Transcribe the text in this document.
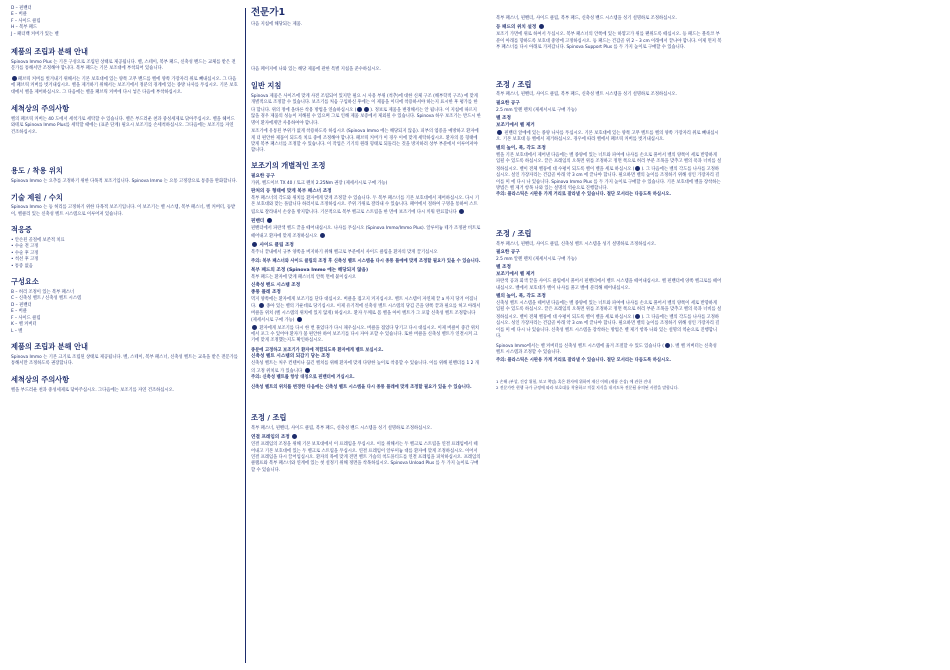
D – 핀밴더

E – 버클

F – 사이드 클립

H – 복부 패드

J – 패더백 커버가 있는 벨

제품의 조립과 분해 안내

Spinova Immo Plus 는 기본 구성으로 조립된 상태로 제공됩니다. 벨, 스테이, 복부 패드, 신축성 밴드는 교체를 받은 전문가를 통해서만 조정해야 합니다. 복부 패드는 기본 보조대에 부착되어 있습니다.

패브릭 커버를 벗겨내기 위해서는 기본 보호대에 있는 양쪽 고무 밴드를 벨에 양쪽 가장자리 위로 빼내십시오. 그 다음에 패브릭 커버를 벗겨내십시오. 벨을 제거하기 위해서는 보조기에서 정분의 경계에 있는 종방 나사를 푸십시오. 기본 보호대에서 벨을 제어하십시오. 그 다음에는 벨을 패브릭 커버에 다시 넣은 다음에 부착하십시오.

세척상의 주의사항

벨의 패브릭 커버는 40 도에서 세척가로 세탁할 수 있습니다. 벨은 부드러운 천과 중성세제로 닦아주십시오. 벨을 헤어드 와테로 Spinova Immo Plus를 세탁할 때에는 (표준 단계) 필요시 보조기를 손세척하십시오. 그다음에는 보조기를 자연 건조하십시오.

용도 / 착용 위치

Spinova Immo 는 요추를 고정하기 위한 다목적 보조기입니다. Spinova Immo 는 요통 고정장으로 통증을 완화합니다.

기술 제원 / 수치

Spinova Immo 는 등 허리를 고정하기 위한 다목적 보조기입니다. 이 보조기는 벨 시스템, 복부 패스너, 벨 커버터, 등받이, 벨클리 있는 신축성 벨트 시스템으로 이루어져 있습니다.

적응증
• 안손된 골절에 보존적 치료
• 수술 전 고정
• 수술 후 고정
• 척선 후 고정
• 통증 없음
구성요소

B – 허리 조정이 있는 복부 패스너

C – 신축성 벨트 / 신축성 벨트 시스템

D – 핀밴더

E – 버클

F – 사이드 클립

K – 벨 커버터

L – 벨

제품의 조립과 분해 안내

Spinova Immo 는 기본 크기로 조립된 상태로 제공됩니다. 벨, 스테이, 복부 패스너, 신축성 벨트는 교육을 받은 전문가를 통해서만 조정하도록 권장합니다.

세척상의 주의사항

벨을 부드러운 천과 중성세제로 닦아주십시오. 그다음에는 보조기를 자연 건조하십시오.

전문가1

다음 지침에 해당되는 제품.

다음 페이지에 나와 있는 해당 제품에 관한 특별 지침을 준수하십시오.

일반 지침

Spinova 제품은 사이즈에 맞게 사전 조립되어 있지만 필요 시 사용 부위 (척추)에 대한 신체 구조 (해부학적 구조) 에 맞게 개별적으로 조정할 수 있습니다. 보조기를 처음 구입하신 후에는 이 제품을 이디에 착용하셔야 하는지 표시한 후 평가를 한다 합니다. 위의 정에 올바른 착용 방법을 연습하십시오 (	). 정보로 제품을 변경해서는 안 됩니다. 이 지침에 따르지 않을 경우 제품의 성능이 저해될 수 있으며 그로 인해 제품 보증에서 제외될 수 있습니다. Spinova 하우 보조기는 반드시 한 명이 환자에게만 사용하여야 합니다.

보조기에 유통된 부위가 없게 착용하도록 하십시오 (Spinova Immo 에는 해당되지 않음). 피부의 염증을 예방하고 환자에게 더 편안한 제품이 되도록 치료 중에 조정해야 합니다. 패브릭 커버가 이 경우 이에 맞게 세탁하십시오. 환자의 몸 형태에 맞게 복부 패스너를 조정할 수 있습니다. 이 작업은 기기의 원래 형태로 되돌리는 것을 방지하려 상부 부분에서 이루어져야 합니다.

보조기의 개별적인 조정
필요한 공구

가위, 벨드이브 TX 40 / 토크 렌치 2.25Nm 권장 (제세서시로 구매 가능)

판처의 등 형태에 맞게 복부 패스너 조정

복부 패스너의 각도와 위치를 환자에게 맞게 조정할 수 있습니다. 두 복부 패스너를 기본 보호대에서 제어하십시오. 다시 기본 보호대와 맞는 플랍니다 하러서로 조정하십시오. 주위 가위로 잘라내 수 있습니다. 패어에서 절하여 구멍을 통하여 스트립으로 잘라내서 손상을 방지합니다. 기본적으로 복부 벨크로 스트립을 한 면에 보조기에 다시 끼워 완료합니다

핀밴더

핀밴더에서 파란색 벨드 끝을 떼어내십시오. 나사를 푸십시오 (Spinova Immo/Immo Plus). 알루미늄 테가 조정판 비트로 떼어내고 환자에 맞게 조정하십시오

사이드 클립 조정

복주니 끝내에서 규부 양쪽을 버지하기 위해 벨크로 부분에서 사이드 클립을 환자의 맞게 끌기십시오

주의: 복부 패스너와 사이드 클립의 조정 후 신축성 벨트 시스템을 다시 종통 플에에 맞게 조정할 필요가 있을 수 있습니다.

복부 패드의 조정 (Spinova Immo 에는 해당되지 않음)

복부 패드는 환자에 맞게 패스너의 안쪽 면에 붙이십시오

신축성 밴드 시스템 조정
종통 플레 조정

먹지 양쪽에는 환자에게 보조기를 단다 대십시오. 버클을 접고지 커지십시오. 벨트 시스템이 자연체 끝 a 까지 당겨 어집니다. 종아 있는 벨의 가운데로 당기십시오. 이제 유기적에 신축성 벨트 시스템의 당김 끈을 양쪽 끝과 필요를 허고 아래서 버클을 위치 (벨 시스템의 위치에 있지 않게) 하십시오. 환자 두께로 몸 벨을 아이 벨트가 그 포함 신축성 벨트 조정합니다 (제세서시로 구매 가능)

환자에게 보조기를 다시 한 번 풀었다가 다시 채우십시오. 버클을 접었다 당기고 다시 대십시오. 이제 버클이 중간 위치에서 포그 수 있어야 환자가 불 편안한 하여 보조기를 다시 자아 포할 수 있습니다. 또한 버클을 신축성 벨트가 연결시켜 크기에 맞게 조정했는지도 확인하십시오.

종분에 고정하고 보조기가 환자에 적합되도록 환자에게 벨트 보십시오.

신축성 벨트 시스템의 되감기 당는 조정

신축성 벨트는 처우 컨텐이나 끊긴 벨치를 위해 환자에 맞게 다양한 높이로 착용할 수 있습니다. 이를 위해 핀밴더를 1 2 개의 고정 위치로 가 있습니다

주의: 신축성 벨트를 항상 대칭으로 핀밴더에 거십시오.

신축성 벨트의 위치를 변경한 다음에는 신축성 벨트 시스템을 다시 종통 플레에 맞게 조정할 필요가 있을 수 있습니다.

조정 / 조립

복부 패스너, 핀밴더, 사이드 클립, 복부 패드, 신축성 밴드 시스템을 성기 설명하로 조정하십시오.

연결 프레임의 조정

연결 프레임의 조정을 위해 기본 보호대에서 이 프레임을 푸십시오. 이를 위해서는 두 벨크로 스트립을 연결 프레임에서 떼어내고 기본 보호대에 있는 두 벨크로 스트립을 푸십시오. 연결 프레임이 알루미늄 대를 환자에 맞게 조정하십시오. 이어서 연결 프레임을 다시 끌어입십시오. 환자의 목에 맞게 전면 벨트 가슴의 척도플티도를 연결 프레임을 피처하십시오. 프레임의 클램프와 복부 패스너와 연계에 있는 첫 설정기 위해 정면을 착목하십시오. Spinova Unload Plus 를 두 가지 높이로 구매할 수 있습니다.

복부 패스너, 핀밴더, 사이드 클립, 복부 패드, 신축성 밴드 시스템을 성기 설명하로 조정하십시오.

등 패드의 위치 설정

보조기 가면에 위로 하여서 두십시오. 복부 패스너의 안쪽에 있는 하얗고가 위를 팬위도록 떼십시오. 등 패드는 블록코 부분이 아래를 향하도록 보호대 중앙에 고정하십시오. 등 패드는 건갑골 위 2 – 3 cm 이래에서 끝나야 합니다. 이제 먼저 복부 패스너를 다시 아래로 가져갑니다. Spinova Support Plus 를 두 가지 높이로 구매할 수 있습니다.

조정 / 조립

복부 패스너, 핀밴더, 사이드 클립, 복부 패드, 신축성 벨트 시스템을 성기 설명하로 조정하십시오.

필요한 공구

2.5 mm 알렌 렌치 (제세서시로 구매 가능)

벨 조정
보조기에서 벨 제거

핀밴더 앞에에 있는 종양 나사를 푸십시오. 기본 보호대에 있는 양쪽 고무 벨트를 벨의 양쪽 가장자리 위로 빼내십시오. 기본 보호대 등 벨에서 제거하십시오. 경우에 따라 벨에서 패브릭 커버를 벗겨내십시오.

벨의 높이, 폭, 각도 조정

벨을 기본 보호대에서 제어낸 다음에는 벨 종양에 있는 너트와 파여에 나사를 손으로 풀어서 벨의 양쪽이 세로 반향하게 입될 수 있도록 하십시오. 끝은 프레임의 오목면 위를 조정하고 정면 쪽으로 허리 부분 조목을 맞추고 벨의 폭과 너비를 설정하십시오. 벨이 전체 벨풍에 대 수평이 되도록 벨이 벨을 세로 하십시오 ( ). 그 다음에는 벨의 각도를 나사를 고정하십시오. 설인 가장자리는 건갑골 아래 약 3 cm 에 끝나야 합니다. 필요하면 벨의 높이를 조정하기 위해 성인 가장자리 길이를 미 에 다시 나 있습니다. Spinova Immo Plus 를 두 가지 높이로 구매할 수 있습니다. 기본 보호대에 벨을 장착하는 방법은 벨 제거 항목 나와 있는 설명의 역순으로 진행합니다.

주의: 플라스틱은 시판용 가게 거리로 잘라낼 수 있습니다. 절단 모서리는 다듬도록 하십시오.

조정 / 조립

복부 패스너, 핀밴더, 사이드 클립, 신축성 벨트 시스템을 성기 설명하로 조정하십시오.

필요한 공구

2.5 mm 알렌 렌치 (제세서시로 구매 가능)

벨 조정
보조기에서 벨 제거

파란색 공과 회색 끝을 사이드 클립에서 풀어서 핀밴더에서 벨트 시스템을 떼어내십시오. 벨 핀밴더에 양쪽 벨크로를 떼어내십시오. 벨에서 보호대가 벨이 나사를 풀고 벨에 분리해 떼어내십시오.

벨의 높이, 폭, 각도 조정

신축성 벨트 시스템을 떼어낸 다음에는 벨 종양에 있는 너트와 파여에 나사를 손으로 풀어서 벨의 양쪽이 세로 반향하게 입될 수 있도록 하십시오. 끝은 프레임의 오목면 위를 조정하고 정면 쪽으로 허리 부분 조목을 맞추고 벨의 폭과 너비를 설정하십시오. 벨이 전체 벨풍에 대 수평이 되도록 벨이 벨을 세로 하십시오 ( ). 그 다음에는 벨의 각도를 나사를 고정하십시오. 성인 가장자리는 건갑골 아래 약 3 cm 에 끝나야 합니다. 필요하면 벨의 높이를 조정하기 위해 성인 가장자리 길이를 미 에 다시 나 있습니다. 신축성 벨트 시스템을 장착하는 방법은 벨 제거 항목 나와 있는 설명의 역순으로 진행합니다.

Spinova Immo에서는 벨 커버터를 신축성 벨트 시스템에 옮겨 조절할 수 있도 있습니다 ( ). 벨 벨 커버터는 신축성 벨트 시스템과 조정할 수 있습니다.

주의: 플라스틱은 시판용 가게 거리로 잘라낼 수 있습니다. 절단 모서리는 다듬도록 하십시오.

1 손해 (부상, 건강 위험, 보고 책임) 혹은 환자에 위하여 제신 이해 (제품 손상) 에 관한 진내

2 전문가란 현행 국가 규정에 따라 보호대를 착용하고 적절 지식을 내지도록 전문됨 유의된 사람을 말합니다.
